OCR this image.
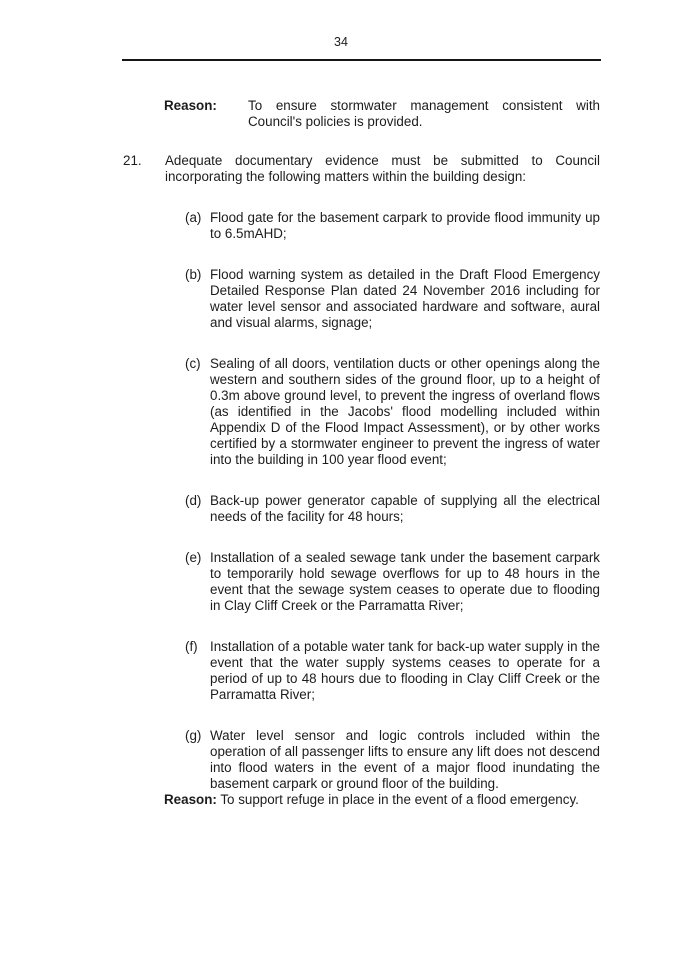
34
Reason:	To ensure stormwater management consistent with Council's policies is provided.
21.	Adequate documentary evidence must be submitted to Council incorporating the following matters within the building design:
(a) Flood gate for the basement carpark to provide flood immunity up to 6.5mAHD;
(b) Flood warning system as detailed in the Draft Flood Emergency Detailed Response Plan dated 24 November 2016 including for water level sensor and associated hardware and software, aural and visual alarms, signage;
(c) Sealing of all doors, ventilation ducts or other openings along the western and southern sides of the ground floor, up to a height of 0.3m above ground level, to prevent the ingress of overland flows (as identified in the Jacobs' flood modelling included within Appendix D of the Flood Impact Assessment), or by other works certified by a stormwater engineer to prevent the ingress of water into the building in 100 year flood event;
(d) Back-up power generator capable of supplying all the electrical needs of the facility for 48 hours;
(e) Installation of a sealed sewage tank under the basement carpark to temporarily hold sewage overflows for up to 48 hours in the event that the sewage system ceases to operate due to flooding in Clay Cliff Creek or the Parramatta River;
(f) Installation of a potable water tank for back-up water supply in the event that the water supply systems ceases to operate for a period of up to 48 hours due to flooding in Clay Cliff Creek or the Parramatta River;
(g) Water level sensor and logic controls included within the operation of all passenger lifts to ensure any lift does not descend into flood waters in the event of a major flood inundating the basement carpark or ground floor of the building.
Reason: To support refuge in place in the event of a flood emergency.
